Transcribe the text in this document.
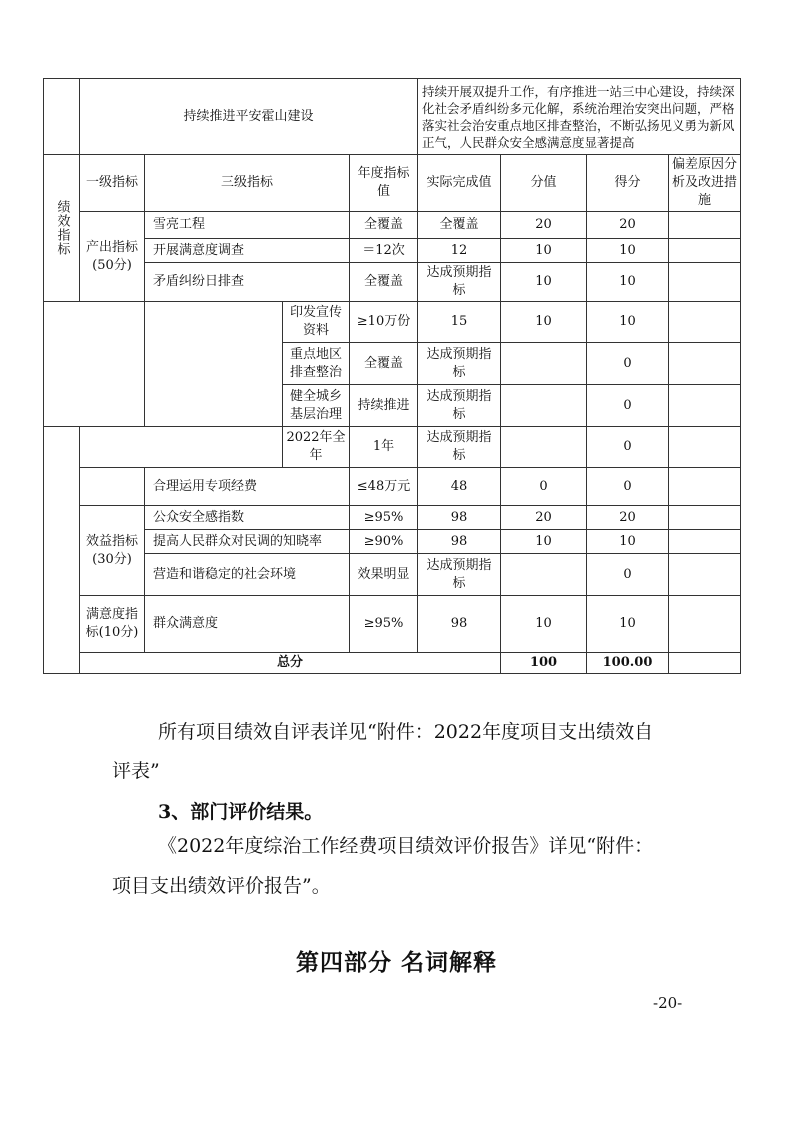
	持续推进平安霍山建设				持续开展双提升工作，有序推进一站三中心建设，持续深化社会矛盾纠纷多元化解，系统治理治安突出问题，严格落实社会治安重点地区排查整治，不断弘扬见义勇为新风正气，人民群众安全感满意度显著提高			
绩效指标	一级指标	三级指标		年度指标值	实际完成值	分值	得分	偏差原因分析及改进措施
	产出指标(50分)	雪亮工程		全覆盖	全覆盖	20	20	
		开展满意度调查		＝12次	12	10	10	
		矛盾纠纷日排查		全覆盖	达成预期指标	10	10	
			印发宣传资料	≥10万份	15	10	10	
			重点地区排查整治	全覆盖	达成预期指标		0	
			健全城乡基层治理	持续推进	达成预期指标		0	
			2022年全年	1年	达成预期指标		0	
		合理运用专项经费		≤48万元	48	0	0	
	效益指标(30分)	公众安全感指数		≥95%	98	20	20	
		提高人民群众对民调的知晓率		≥90%	98	10	10	
		营造和谐稳定的社会环境		效果明显	达成预期指标		0	
	满意度指标(10分)	群众满意度		≥95%	98	10	10	
	总分					100	100.00	

所有项目绩效自评表详见“附件：2022年度项目支出绩效自

评表”

3、部门评价结果。

《2022年度综治工作经费项目绩效评价报告》详见“附件：

项目支出绩效评价报告”。

第四部分 名词解释

-20-
